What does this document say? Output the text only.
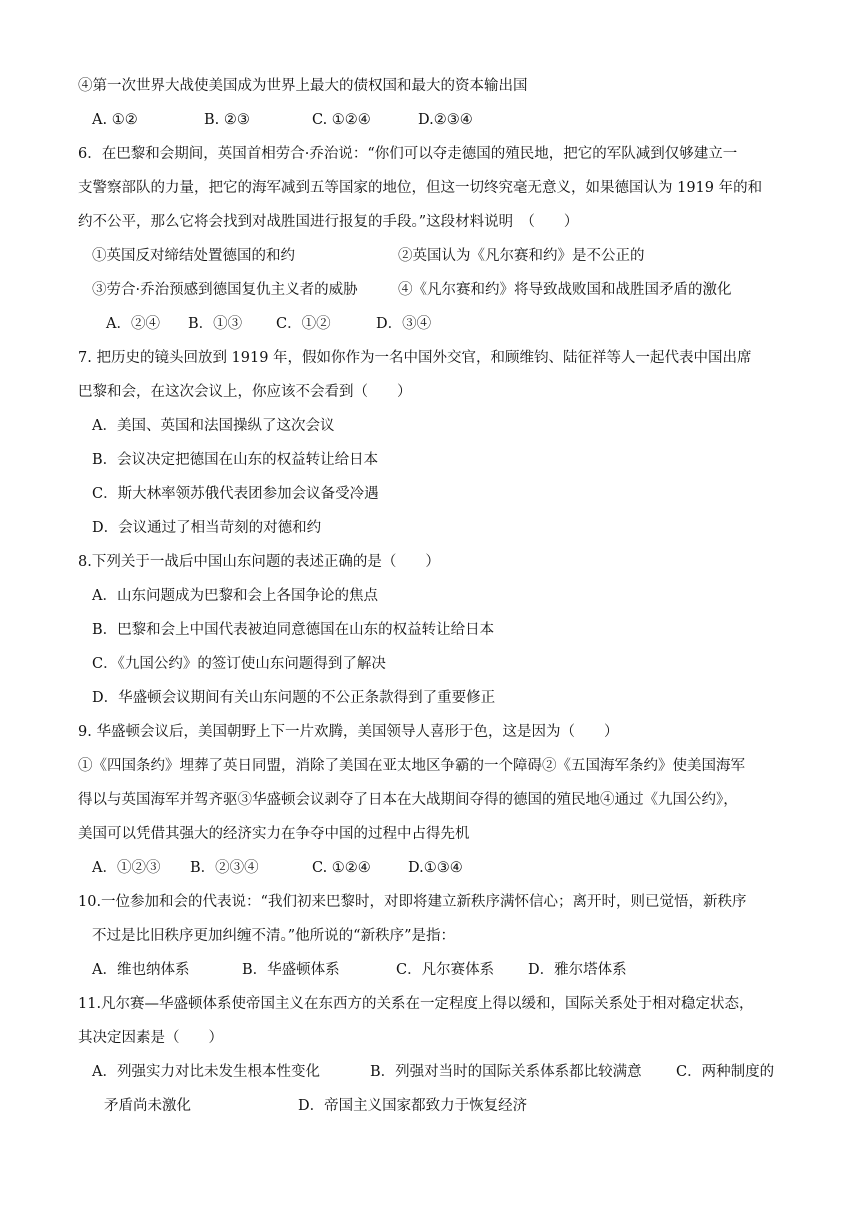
④第一次世界大战使美国成为世界上最大的债权国和最大的资本输出国
A. ①②	B. ②③	C. ①②④	D.②③④
6．在巴黎和会期间，英国首相劳合·乔治说：“你们可以夺走德国的殖民地，把它的军队减到仅够建立一
支警察部队的力量，把它的海军减到五等国家的地位，但这一切终究毫无意义，如果德国认为 1919 年的和
约不公平，那么它将会找到对战胜国进行报复的手段。”这段材料说明　（　　）
①英国反对缔结处置德国的和约	②英国认为《凡尔赛和约》是不公正的
③劳合·乔治预感到德国复仇主义者的威胁	④《凡尔赛和约》将导致战败国和战胜国矛盾的激化
A．②④ B．①③ C．①②	D．③④
7. 把历史的镜头回放到 1919 年，假如你作为一名中国外交官，和顾维钧、陆征祥等人一起代表中国出席
巴黎和会，在这次会议上，你应该不会看到（　　）
A．美国、英国和法国操纵了这次会议
B．会议决定把德国在山东的权益转让给日本
C．斯大林率领苏俄代表团参加会议备受冷遇
D．会议通过了相当苛刻的对德和约
8.下列关于一战后中国山东问题的表述正确的是（　　）
A．山东问题成为巴黎和会上各国争论的焦点
B．巴黎和会上中国代表被迫同意德国在山东的权益转让给日本
C．《九国公约》的签订使山东问题得到了解决
D．华盛顿会议期间有关山东问题的不公正条款得到了重要修正
9. 华盛顿会议后，美国朝野上下一片欢腾，美国领导人喜形于色，这是因为（　　）
①《四国条约》埋葬了英日同盟，消除了美国在亚太地区争霸的一个障碍②《五国海军条约》使美国海军
得以与英国海军并驾齐驱③华盛顿会议剥夺了日本在大战期间夺得的德国的殖民地④通过《九国公约》，
美国可以凭借其强大的经济实力在争夺中国的过程中占得先机
A．①②③ B．②③④	C. ①②④	D.①③④
10.一位参加和会的代表说：“我们初来巴黎时，对即将建立新秩序满怀信心；离开时，则已觉悟，新秩序
不过是比旧秩序更加纠缠不清。”他所说的“新秩序”是指：
A．维也纳体系	B．华盛顿体系	C．凡尔赛体系 D．雅尔塔体系
11.凡尔赛—华盛顿体系使帝国主义在东西方的关系在一定程度上得以缓和，国际关系处于相对稳定状态，
其决定因素是（　　）
A．列强实力对比未发生根本性变化	B．列强对当时的国际关系体系都比较满意 C．两种制度的
矛盾尚未激化	D．帝国主义国家都致力于恢复经济
